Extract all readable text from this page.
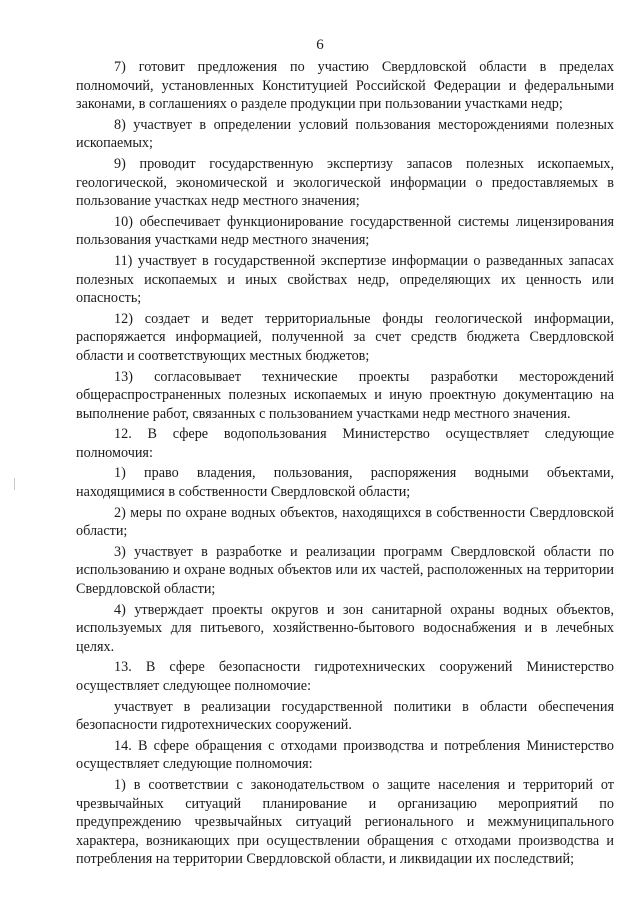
6

7) готовит предложения по участию Свердловской области в пределах полномочий, установленных Конституцией Российской Федерации и федеральными законами, в соглашениях о разделе продукции при пользовании участками недр;

8) участвует в определении условий пользования месторождениями полезных ископаемых;

9) проводит государственную экспертизу запасов полезных ископаемых, геологической, экономической и экологической информации о предоставляемых в пользование участках недр местного значения;

10) обеспечивает функционирование государственной системы лицензирования пользования участками недр местного значения;

11) участвует в государственной экспертизе информации о разведанных запасах полезных ископаемых и иных свойствах недр, определяющих их ценность или опасность;

12) создает и ведет территориальные фонды геологической информации, распоряжается информацией, полученной за счет средств бюджета Свердловской области и соответствующих местных бюджетов;

13) согласовывает технические проекты разработки месторождений общераспространенных полезных ископаемых и иную проектную документацию на выполнение работ, связанных с пользованием участками недр местного значения.

12. В сфере водопользования Министерство осуществляет следующие полномочия:

1) право владения, пользования, распоряжения водными объектами, находящимися в собственности Свердловской области;

2) меры по охране водных объектов, находящихся в собственности Свердловской области;

3) участвует в разработке и реализации программ Свердловской области по использованию и охране водных объектов или их частей, расположенных на территории Свердловской области;

4) утверждает проекты округов и зон санитарной охраны водных объектов, используемых для питьевого, хозяйственно-бытового водоснабжения и в лечебных целях.

13. В сфере безопасности гидротехнических сооружений Министерство осуществляет следующее полномочие:

участвует в реализации государственной политики в области обеспечения безопасности гидротехнических сооружений.

14. В сфере обращения с отходами производства и потребления Министерство осуществляет следующие полномочия:

1) в соответствии с законодательством о защите населения и территорий от чрезвычайных ситуаций планирование и организацию мероприятий по предупреждению чрезвычайных ситуаций регионального и межмуниципального характера, возникающих при осуществлении обращения с отходами производства и потребления на территории Свердловской области, и ликвидации их последствий;
